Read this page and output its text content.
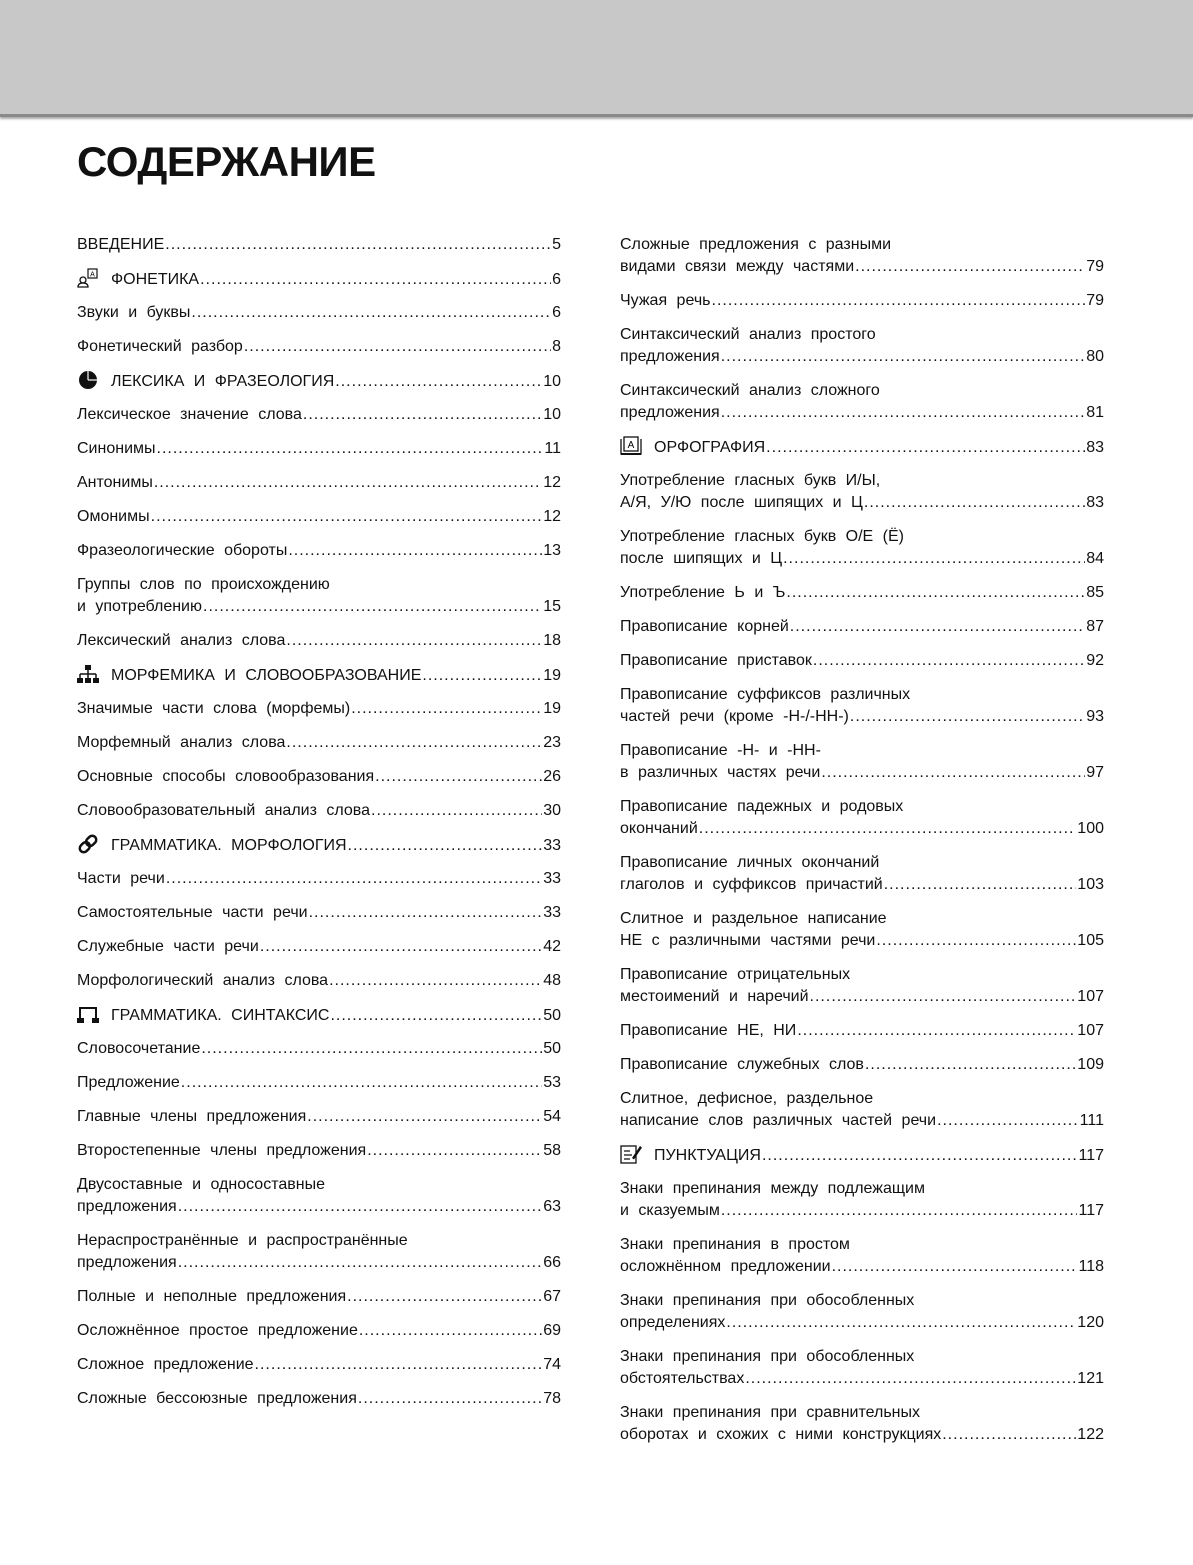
СОДЕРЖАНИЕ
ВВЕДЕНИЕ .....	5
A ФОНЕТИКА .....	6
Звуки и буквы .....	6
Фонетический разбор .....	8
ЛЕКСИКА И ФРАЗЕОЛОГИЯ .....	10
Лексическое значение слова .....	10
Синонимы .....	11
Антонимы .....	12
Омонимы .....	12
Фразеологические обороты .....	13
Группы слов по происхождению
и употреблению .....	15
Лексический анализ слова .....	18
МОРФЕМИКА И СЛОВООБРАЗОВАНИЕ .....	19
Значимые части слова (морфемы) .....	19
Морфемный анализ слова .....	23
Основные способы словообразования .....	26
Словообразовательный анализ слова .....	30
ГРАММАТИКА. МОРФОЛОГИЯ .....	33
Части речи .....	33
Самостоятельные части речи .....	33
Служебные части речи .....	42
Морфологический анализ слова .....	48
ГРАММАТИКА. СИНТАКСИС .....	50
Словосочетание .....	50
Предложение .....	53
Главные члены предложения .....	54
Второстепенные члены предложения .....	58
Двусоставные и односоставные
предложения .....	63
Нераспространённые и распространённые
предложения .....	66
Полные и неполные предложения .....	67
Осложнённое простое предложение .....	69
Сложное предложение .....	74
Сложные бессоюзные предложения .....	78
Сложные предложения с разными
видами связи между частями .....	79
Чужая речь .....	79
Синтаксический анализ простого
предложения .....	80
Синтаксический анализ сложного
предложения .....	81
A ОРФОГРАФИЯ .....	83
Употребление гласных букв И/Ы,
А/Я, У/Ю после шипящих и Ц .....	83
Употребление гласных букв О/Е (Ё)
после шипящих и Ц .....	84
Употребление Ь и Ъ .....	85
Правописание корней .....	87
Правописание приставок .....	92
Правописание суффиксов различных
частей речи (кроме -Н-/-НН-) .....	93
Правописание -Н- и -НН-
в различных частях речи .....	97
Правописание падежных и родовых
окончаний .....	100
Правописание личных окончаний
глаголов и суффиксов причастий .....	103
Слитное и раздельное написание
НЕ с различными частями речи .....	105
Правописание отрицательных
местоимений и наречий .....	107
Правописание НЕ, НИ .....	107
Правописание служебных слов .....	109
Слитное, дефисное, раздельное
написание слов различных частей речи .....	111
ПУНКТУАЦИЯ .....	117
Знаки препинания между подлежащим
и сказуемым .....	117
Знаки препинания в простом
осложнённом предложении .....	118
Знаки препинания при обособленных
определениях .....	120
Знаки препинания при обособленных
обстоятельствах .....	121
Знаки препинания при сравнительных
оборотах и схожих с ними конструкциях .....	122
